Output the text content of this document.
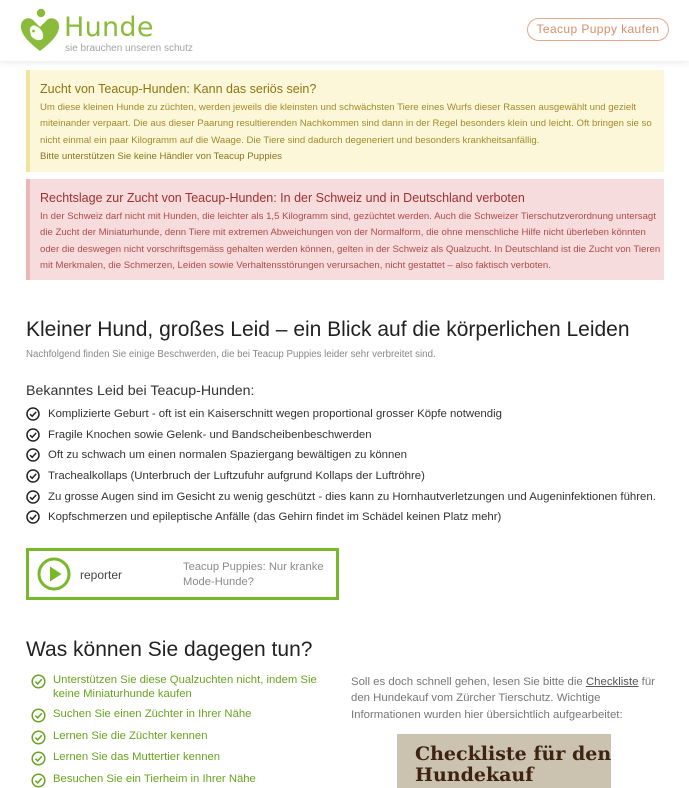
Hunde
sie brauchen unseren schutz
Teacup Puppy kaufen
Zucht von Teacup-Hunden: Kann das seriös sein?

Um diese kleinen Hunde zu züchten, werden jeweils die kleinsten und schwächsten Tiere eines Wurfs dieser Rassen ausgewählt und gezielt miteinander verpaart. Die aus dieser Paarung resultierenden Nachkommen sind dann in der Regel besonders klein und leicht. Oft bringen sie so nicht einmal ein paar Kilogramm auf die Waage. Die Tiere sind dadurch degeneriert und besonders krankheitsanfällig.

Bitte unterstützen Sie keine Händler von Teacup Puppies

Rechtslage zur Zucht von Teacup-Hunden: In der Schweiz und in Deutschland verboten

In der Schweiz darf nicht mit Hunden, die leichter als 1,5 Kilogramm sind, gezüchtet werden. Auch die Schweizer Tierschutzverordnung untersagt die Zucht der Miniaturhunde, denn Tiere mit extremen Abweichungen von der Normalform, die ohne menschliche Hilfe nicht überleben könnten oder die deswegen nicht vorschriftsgemäss gehalten werden können, gelten in der Schweiz als Qualzucht. In Deutschland ist die Zucht von Tieren mit Merkmalen, die Schmerzen, Leiden sowie Verhaltensstörungen verursachen, nicht gestattet – also faktisch verboten.

Kleiner Hund, großes Leid – ein Blick auf die körperlichen Leiden
Nachfolgend finden Sie einige Beschwerden, die bei Teacup Puppies leider sehr verbreitet sind.
Bekanntes Leid bei Teacup-Hunden:
Komplizierte Geburt - oft ist ein Kaiserschnitt wegen proportional grosser Köpfe notwendig
Fragile Knochen sowie Gelenk- und Bandscheibenbeschwerden
Oft zu schwach um einen normalen Spaziergang bewältigen zu können
Trachealkollaps (Unterbruch der Luftzufuhr aufgrund Kollaps der Luftröhre)
Zu grosse Augen sind im Gesicht zu wenig geschützt - dies kann zu Hornhautverletzungen und Augeninfektionen führen.
Kopfschmerzen und epileptische Anfälle (das Gehirn findet im Schädel keinen Platz mehr)
reporter
Teacup Puppies: Nur kranke Mode-Hunde?
Was können Sie dagegen tun?
Unterstützen Sie diese Qualzuchten nicht, indem Sie keine Miniaturhunde kaufen
Suchen Sie einen Züchter in Ihrer Nähe
Lernen Sie die Züchter kennen
Lernen Sie das Muttertier kennen
Besuchen Sie ein Tierheim in Ihrer Nähe
Soll es doch schnell gehen, lesen Sie bitte die Checkliste für den Hundekauf vom Zürcher Tierschutz. Wichtige Informationen wurden hier übersichtlich aufgearbeitet:
Checkliste für den Hundekauf
